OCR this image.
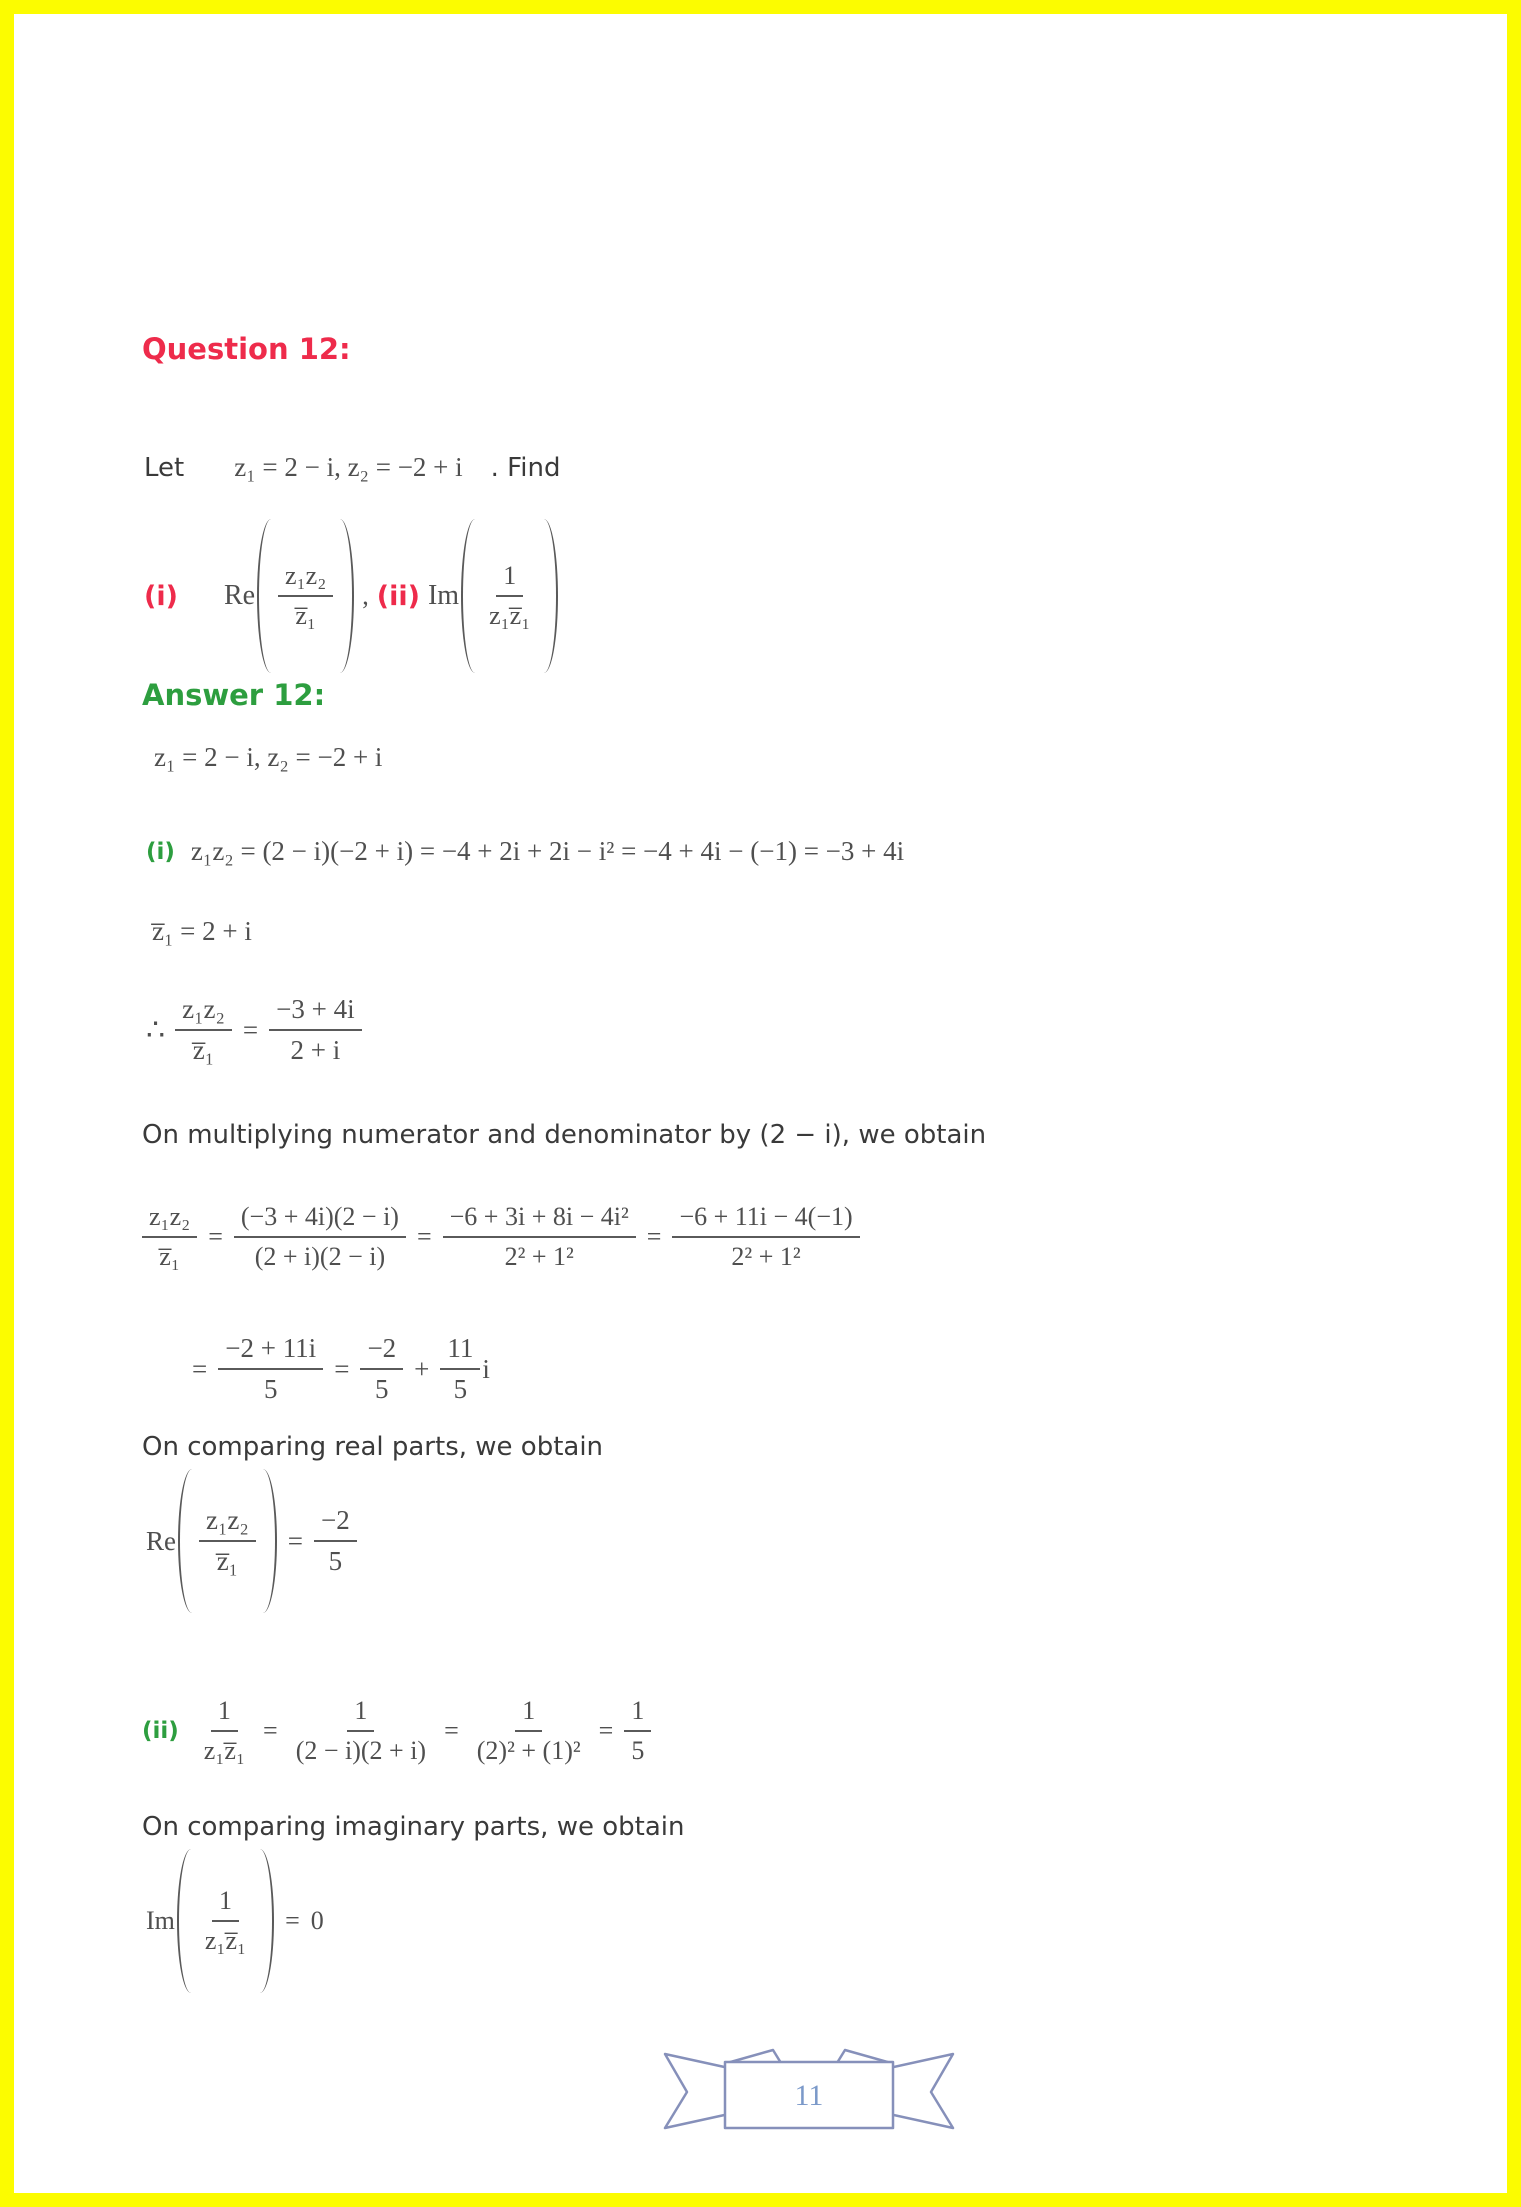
Question 12:
Let z₁ = 2 − i, z₂ = −2 + i . Find
(i) Re $\frac{\text{z₁z₂}}{\text{z̅₁}}$ , (ii) Im $\frac{1}{\text{z₁z̅₁}}$
Answer 12:
z₁ = 2 − i, z₂ = −2 + i
(i) z₁z₂ = (2 − i)(−2 + i) = −4 + 2i + 2i − i² = −4 + 4i − (−1) = −3 + 4i
z̅₁ = 2 + i
∴ $\frac{\text{z₁z₂}}{\text{z̅₁}} = \frac{-3 + 4i}{2 + i}$
On multiplying numerator and denominator by (2 − i), we obtain
$\frac{\text{z₁z₂}}{\text{z̅₁}} = \frac{(-3 + 4i)(2 - i)}{(2 + i)(2 - i)} = \frac{\text{−6 + 3i + 8i − 4i²}}{\text{2² + 1²}} = \frac{-6 + 11i - 4(-1)}{\text{2² + 1²}}$
= $\frac{-2 + 11i}{5} = \frac{-2}{5} + \frac{11}{5}$ i
On comparing real parts, we obtain
Re $\frac{\text{z₁z₂}}{\text{z̅₁}} = \frac{-2}{5}$
$(ii) \frac{1}{\text{z₁z̅₁}} = \frac{1}{(2 - i)(2 + i)} = \frac{1}{\text{(2)² + (1)²}} = \frac{1}{5}$
On comparing imaginary parts, we obtain
Im $\frac{1}{\text{z₁z̅₁}} = 0$
11
